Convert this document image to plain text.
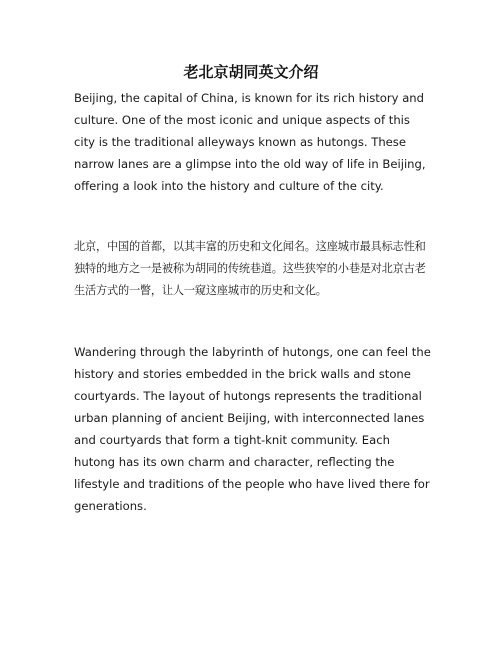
老北京胡同英文介绍

Beijing, the capital of China, is known for its rich history and culture. One of the most iconic and unique aspects of this city is the traditional alleyways known as hutongs. These narrow lanes are a glimpse into the old way of life in Beijing, offering a look into the history and culture of the city.

北京，中国的首都，以其丰富的历史和文化闻名。这座城市最具标志性和独特的地方之一是被称为胡同的传统巷道。这些狭窄的小巷是对北京古老生活方式的一瞥，让人一窥这座城市的历史和文化。

Wandering through the labyrinth of hutongs, one can feel the history and stories embedded in the brick walls and stone courtyards. The layout of hutongs represents the traditional urban planning of ancient Beijing, with interconnected lanes and courtyards that form a tight-knit community. Each hutong has its own charm and character, reflecting the lifestyle and traditions of the people who have lived there for generations.
